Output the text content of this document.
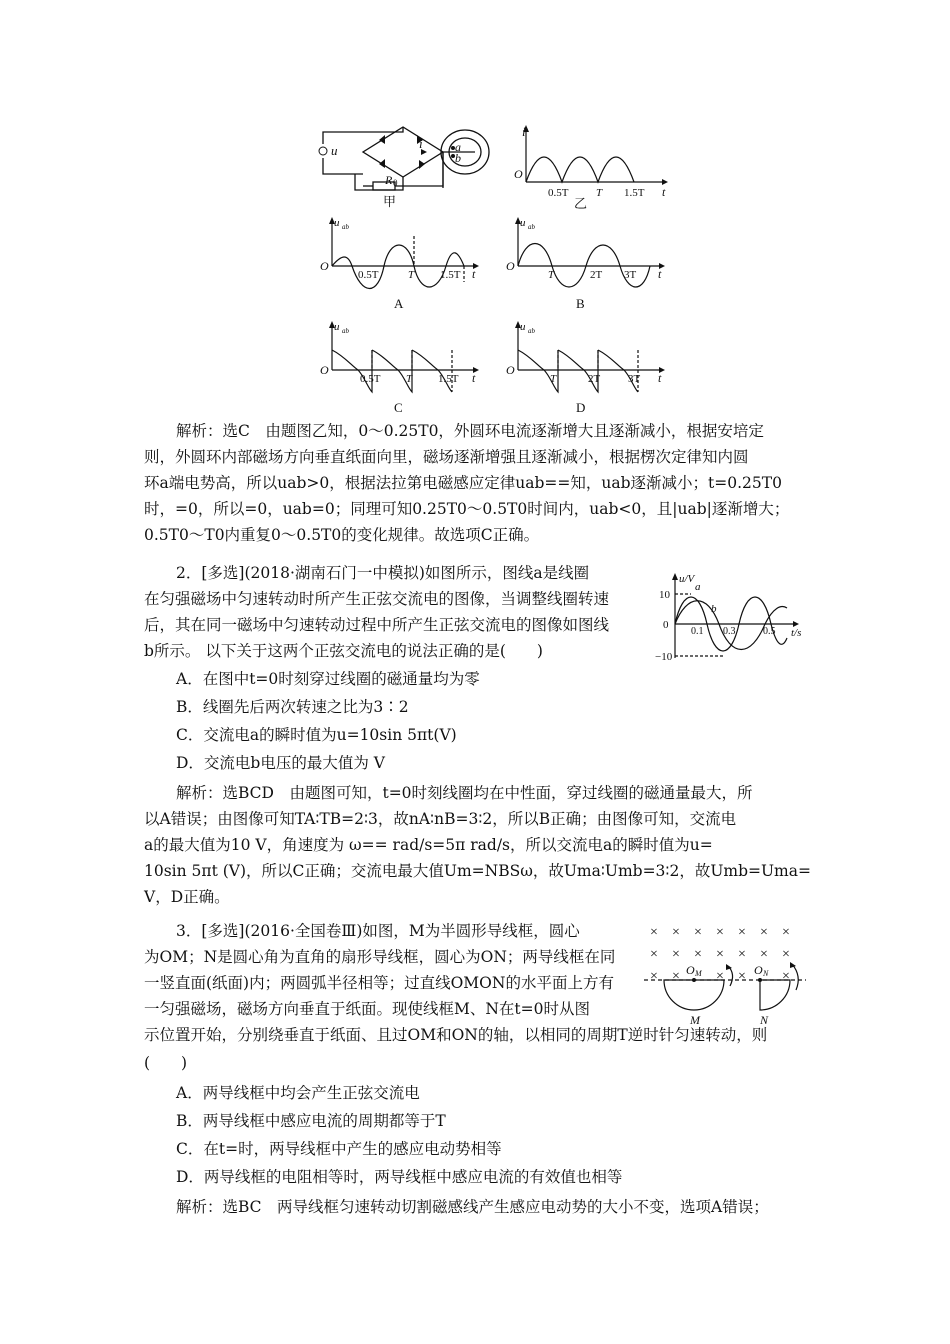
u	i	a
b
R 0
甲
i
O
0.5T	T 1.5T t
乙
u ab
O
0.5T	T 1.5T t
A
u ab
O
T	2T 3T t
B
u ab
O
0.5T T 1.5T t
C
u ab
O
T	2T	3T t
D
解析：选C　由题图乙知，0～0.25T0，外圆环电流逐渐增大且逐渐减小，根据安培定
则，外圆环内部磁场方向垂直纸面向里，磁场逐渐增强且逐渐减小，根据楞次定律知内圆
环a端电势高，所以uab>0，根据法拉第电磁感应定律uab==知，uab逐渐减小；t=0.25T0
时，=0，所以=0，uab=0；同理可知0.25T0～0.5T0时间内，uab<0，且|uab|逐渐增大；
0.5T0～T0内重复0～0.5T0的变化规律。故选项C正确。
2．[多选](2018·湖南石门一中模拟)如图所示，图线a是线圈
在匀强磁场中匀速转动时所产生正弦交流电的图像，当调整线圈转速
后，其在同一磁场中匀速转动过程中所产生正弦交流电的图像如图线
b所示。 以下关于这两个正弦交流电的说法正确的是(　　)
A．在图中t=0时刻穿过线圈的磁通量均为零
B．线圈先后两次转速之比为3∶2
C．交流电a的瞬时值为u=10sin 5πt(V)
D．交流电b电压的最大值为 V
u/V
10
−10
0
0.1 0.3	0.5 t/s
a
b
解析：选BCD　由题图可知，t=0时刻线圈均在中性面，穿过线圈的磁通量最大，所
以A错误；由图像可知TA∶TB=2∶3，故nA∶nB=3∶2，所以B正确；由图像可知，交流电
a的最大值为10 V，角速度为 ω== rad/s=5π rad/s，所以交流电a的瞬时值为u=
10sin 5πt (V)，所以C正确；交流电最大值Um=NBSω，故Uma∶Umb=3∶2，故Umb=Uma=
V，D正确。
3．[多选](2016·全国卷Ⅲ)如图，M为半圆形导线框，圆心
为OM；N是圆心角为直角的扇形导线框，圆心为ON；两导线框在同
一竖直面(纸面)内；两圆弧半径相等；过直线OMON的水平面上方有
一匀强磁场，磁场方向垂直于纸面。现使线框M、N在t=0时从图
示位置开始，分别绕垂直于纸面、且过OM和ON的轴，以相同的周期T逆时针匀速转动，则
(　　)
A．两导线框中均会产生正弦交流电
B．两导线框中感应电流的周期都等于T
C．在t=时，两导线框中产生的感应电动势相等
D．两导线框的电阻相等时，两导线框中感应电流的有效值也相等
× × × × × × ×
× × × × × × ×
× ×	× ×	×
O M	O N
M	N
解析：选BC　两导线框匀速转动切割磁感线产生感应电动势的大小不变，选项A错误；
